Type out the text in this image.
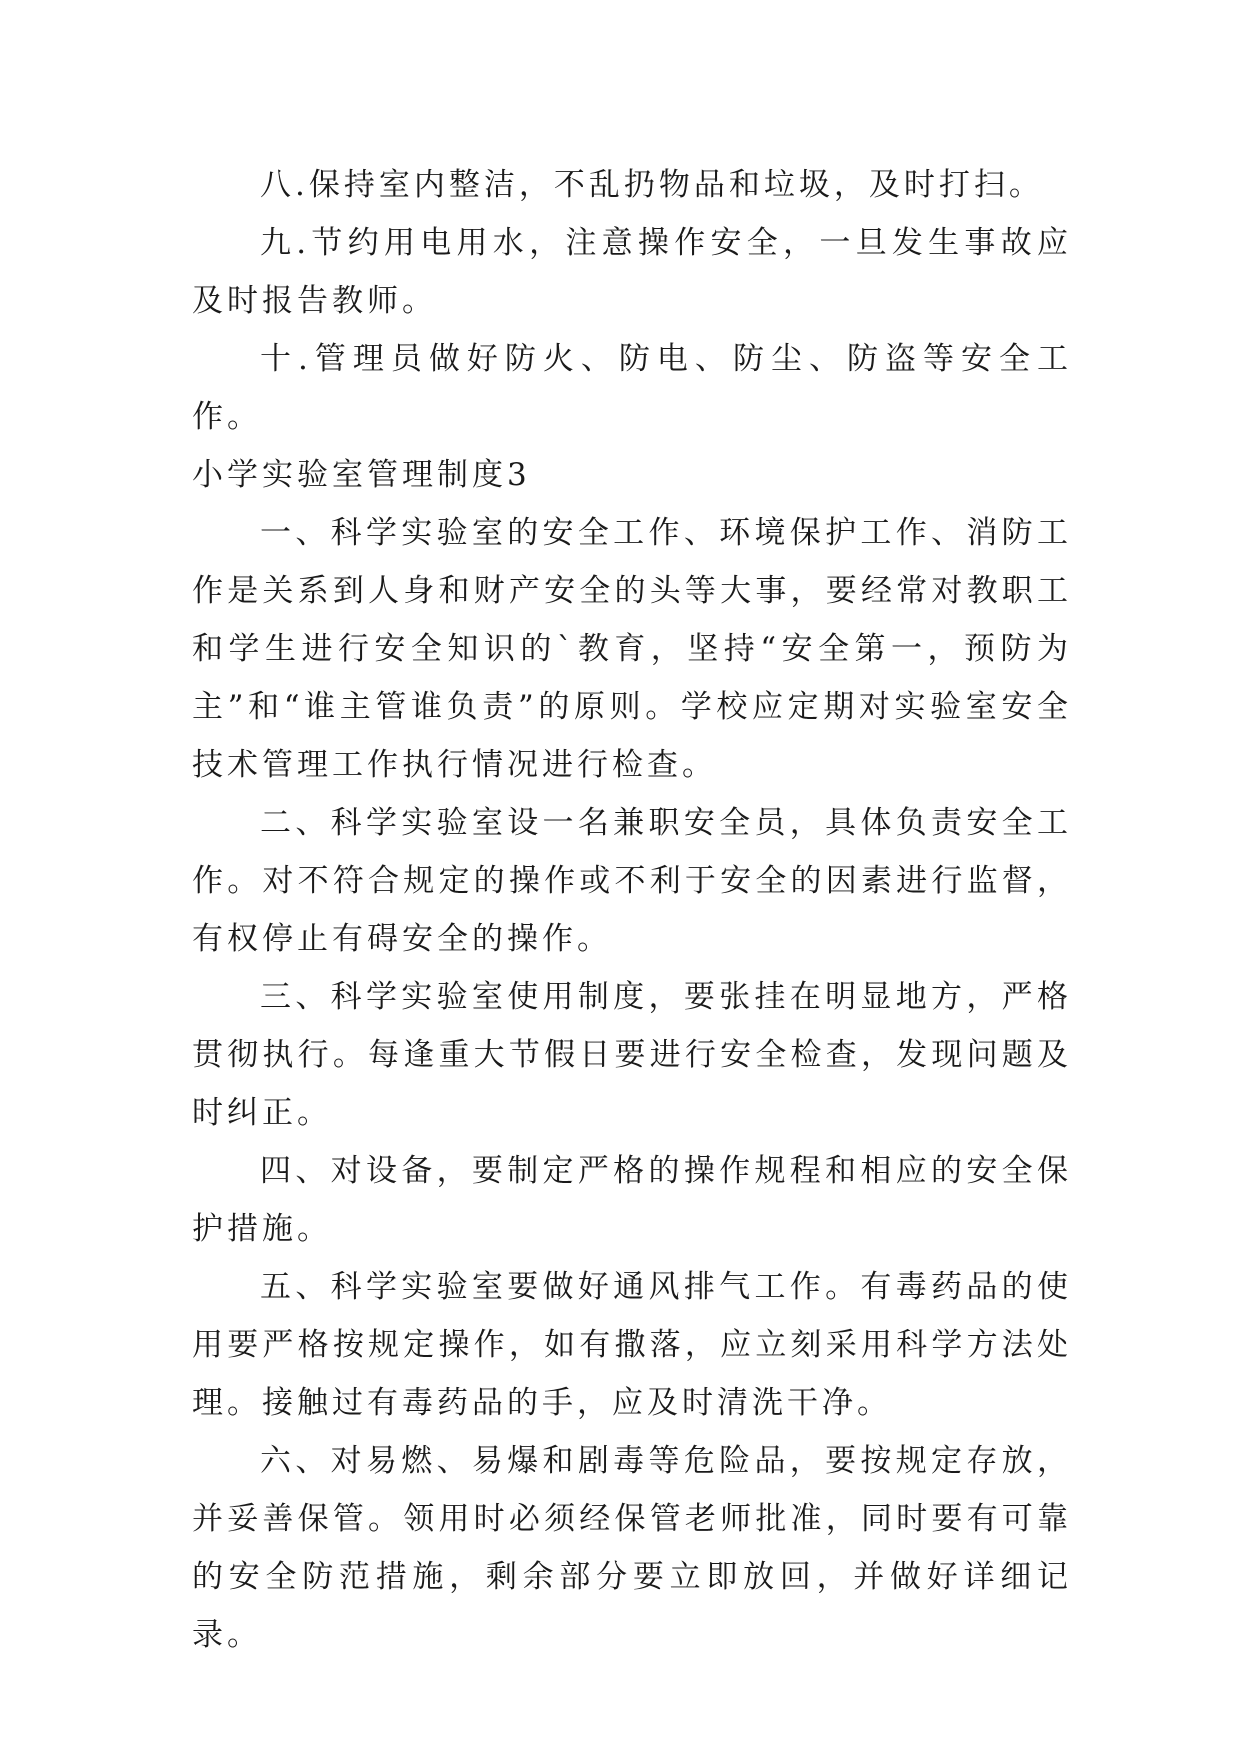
八.保持室内整洁，不乱扔物品和垃圾，及时打扫。

九.节约用电用水，注意操作安全，一旦发生事故应及时报告教师。

十.管理员做好防火、防电、防尘、防盗等安全工作。

小学实验室管理制度3

一、科学实验室的安全工作、环境保护工作、消防工作是关系到人身和财产安全的头等大事，要经常对教职工和学生进行安全知识的`教育，坚持“安全第一，预防为主”和“谁主管谁负责”的原则。学校应定期对实验室安全技术管理工作执行情况进行检查。

二、科学实验室设一名兼职安全员，具体负责安全工作。对不符合规定的操作或不利于安全的因素进行监督，有权停止有碍安全的操作。

三、科学实验室使用制度，要张挂在明显地方，严格贯彻执行。每逢重大节假日要进行安全检查，发现问题及时纠正。

四、对设备，要制定严格的操作规程和相应的安全保护措施。

五、科学实验室要做好通风排气工作。有毒药品的使用要严格按规定操作，如有撒落，应立刻采用科学方法处理。接触过有毒药品的手，应及时清洗干净。

六、对易燃、易爆和剧毒等危险品，要按规定存放，并妥善保管。领用时必须经保管老师批准，同时要有可靠的安全防范措施，剩余部分要立即放回，并做好详细记录。
